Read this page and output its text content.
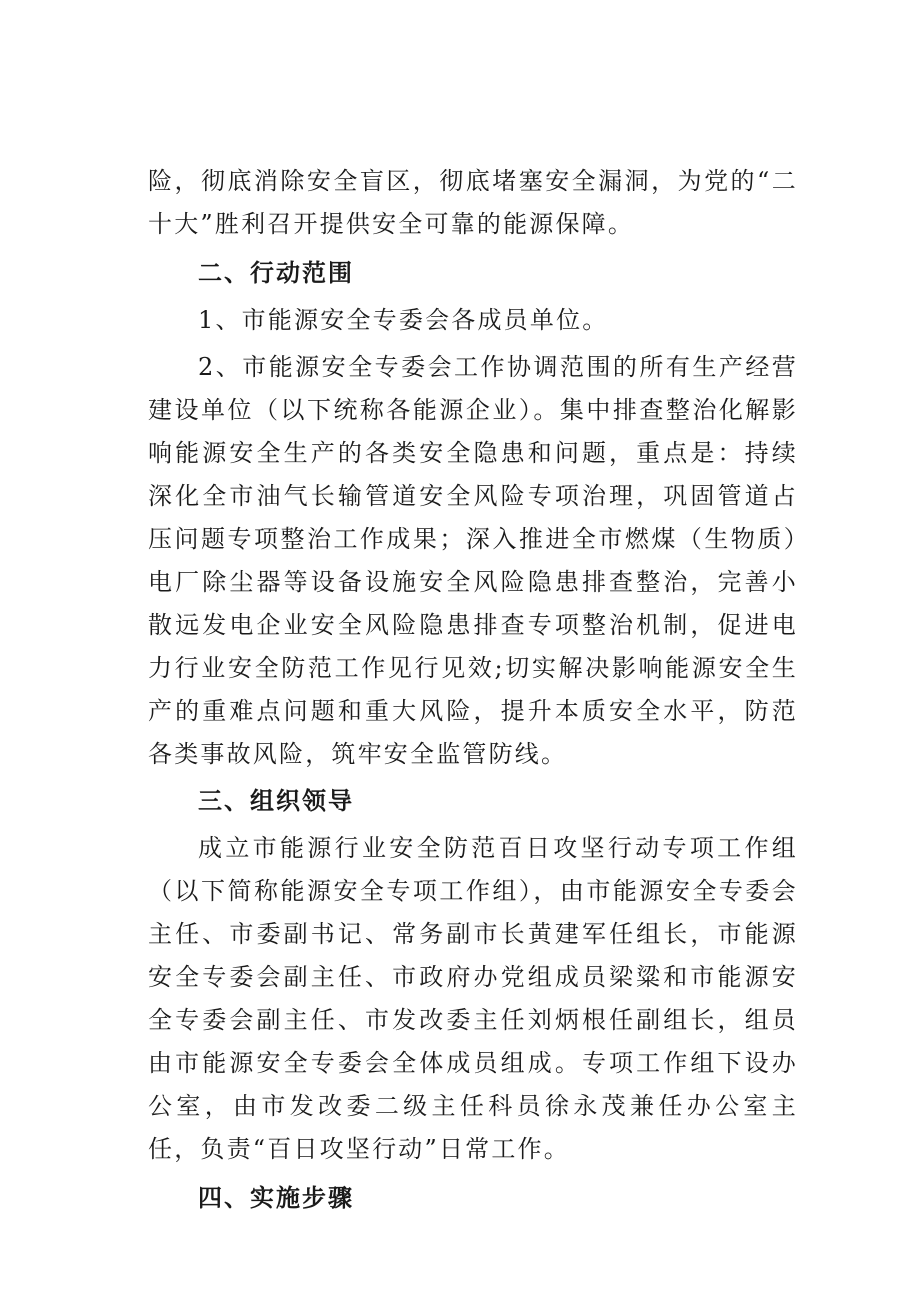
险，彻底消除安全盲区，彻底堵塞安全漏洞，为党的“二十大”胜利召开提供安全可靠的能源保障。

二、行动范围

1、市能源安全专委会各成员单位。

2、市能源安全专委会工作协调范围的所有生产经营建设单位（以下统称各能源企业）。集中排查整治化解影响能源安全生产的各类安全隐患和问题，重点是：持续深化全市油气长输管道安全风险专项治理，巩固管道占压问题专项整治工作成果；深入推进全市燃煤（生物质）电厂除尘器等设备设施安全风险隐患排查整治，完善小散远发电企业安全风险隐患排查专项整治机制，促进电力行业安全防范工作见行见效;切实解决影响能源安全生产的重难点问题和重大风险，提升本质安全水平，防范各类事故风险，筑牢安全监管防线。

三、组织领导

成立市能源行业安全防范百日攻坚行动专项工作组（以下简称能源安全专项工作组），由市能源安全专委会主任、市委副书记、常务副市长黄建军任组长，市能源安全专委会副主任、市政府办党组成员梁粱和市能源安全专委会副主任、市发改委主任刘炳根任副组长，组员由市能源安全专委会全体成员组成。专项工作组下设办公室，由市发改委二级主任科员徐永茂兼任办公室主任，负责“百日攻坚行动”日常工作。

四、实施步骤
